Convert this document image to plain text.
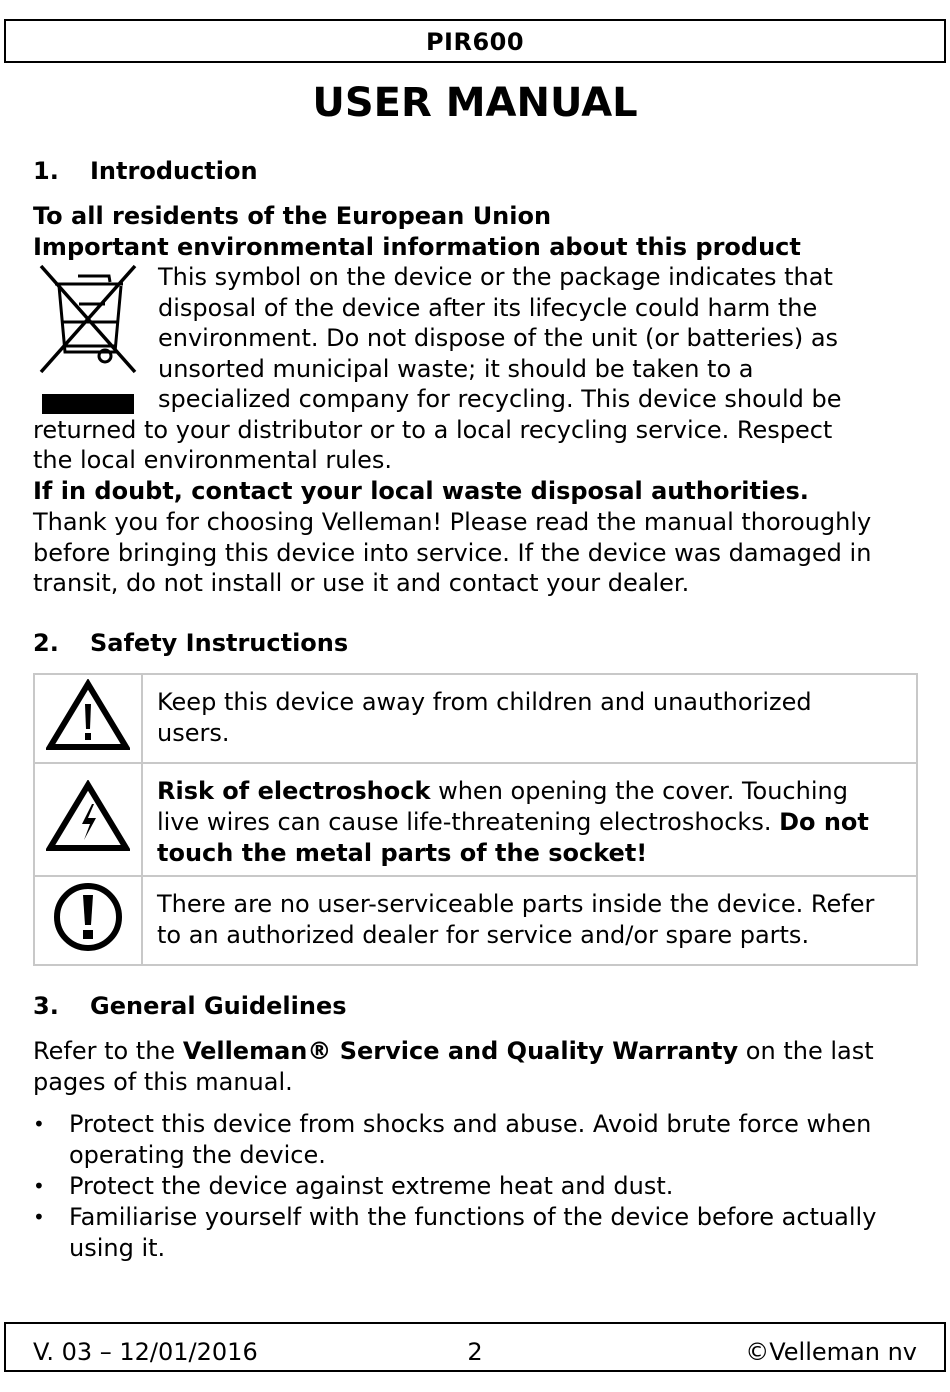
PIR600
USER MANUAL
1. Introduction
To all residents of the European Union
Important environmental information about this product
This symbol on the device or the package indicates that
disposal of the device after its lifecycle could harm the
environment. Do not dispose of the unit (or batteries) as
unsorted municipal waste; it should be taken to a
specialized company for recycling. This device should be
returned to your distributor or to a local recycling service. Respect
the local environmental rules.
If in doubt, contact your local waste disposal authorities.
Thank you for choosing Velleman! Please read the manual thoroughly
before bringing this device into service. If the device was damaged in
transit, do not install or use it and contact your dealer.
2. Safety Instructions

Keep this device away from children and unauthorized
users.

Risk of electroshock when opening the cover. Touching
live wires can cause life-threatening electroshocks. Do not
touch the metal parts of the socket!

There are no user-serviceable parts inside the device. Refer
to an authorized dealer for service and/or spare parts.
3. General Guidelines
Refer to the Velleman® Service and Quality Warranty on the last
pages of this manual.
• Protect this device from shocks and abuse. Avoid brute force when
operating the device.
• Protect the device against extreme heat and dust.
• Familiarise yourself with the functions of the device before actually
using it.
V. 03 – 12/01/2016	2	©Velleman nv
